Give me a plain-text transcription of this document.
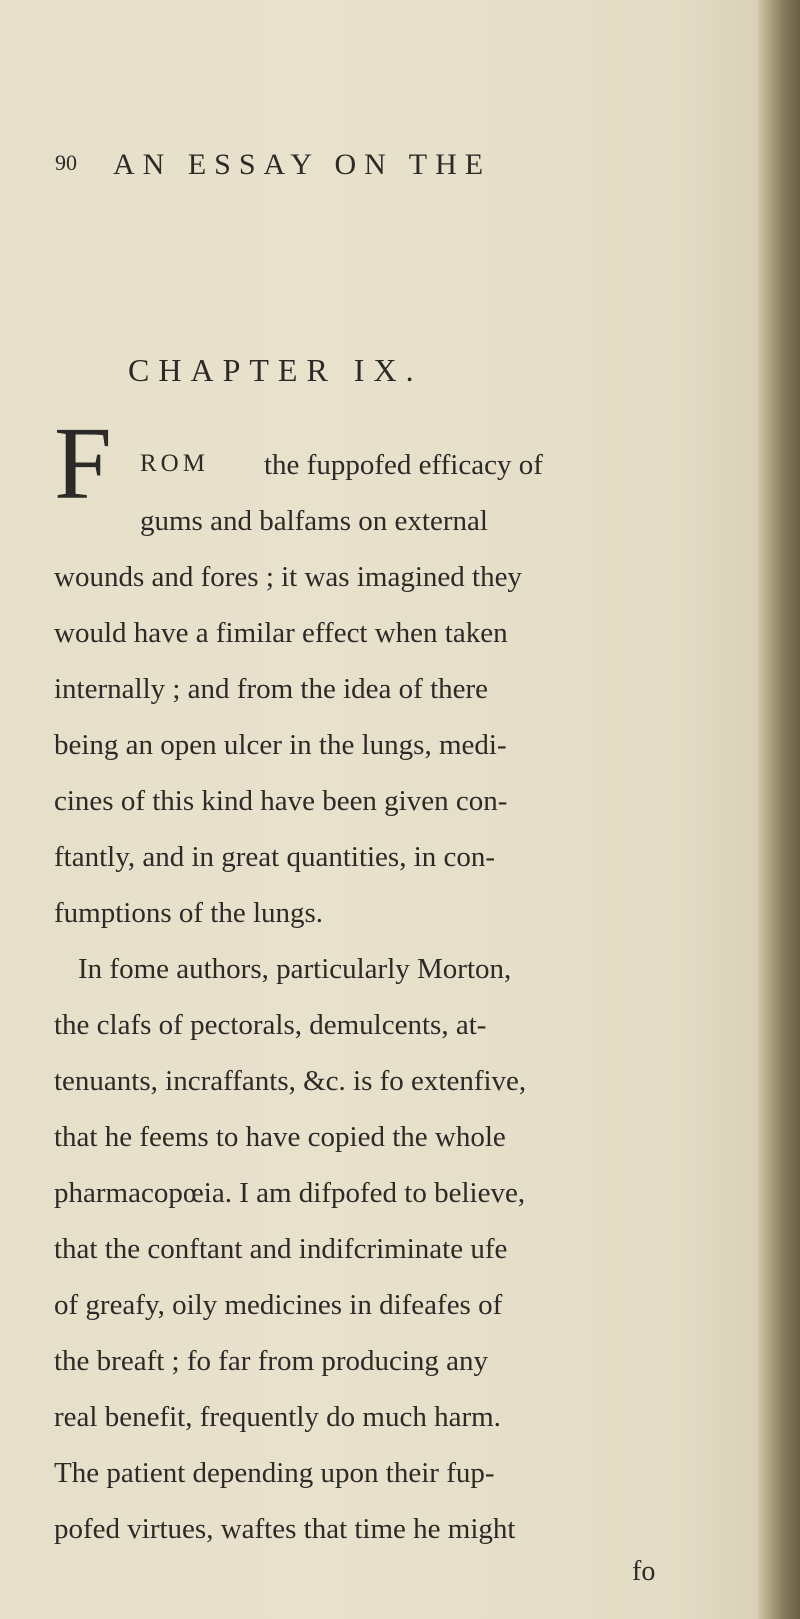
90 AN ESSAY ON THE
CHAPTER IX.
F ROM the fuppofed efficacy of
gums and balfams on external
wounds and fores ; it was imagined they
would have a fimilar effect when taken
internally ; and from the idea of there
being an open ulcer in the lungs, medi-
cines of this kind have been given con-
ftantly, and in great quantities, in con-
fumptions of the lungs.
In fome authors, particularly Morton,
the clafs of pectorals, demulcents, at-
tenuants, incraffants, &c. is fo extenfive,
that he feems to have copied the whole
pharmacopœia. I am difpofed to believe,
that the conftant and indifcriminate ufe
of greafy, oily medicines in difeafes of
the breaft ; fo far from producing any
real benefit, frequently do much harm.
The patient depending upon their fup-
pofed virtues, waftes that time he might
fo
